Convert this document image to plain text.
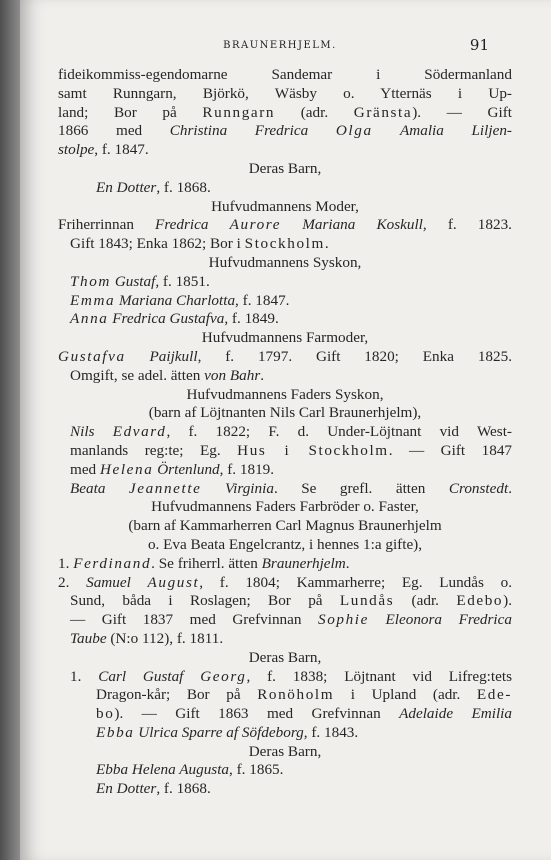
BRAUNERHJELM.	91
fideikommiss-egendomarne Sandemar i Södermanland
samt Runngarn, Björkö, Wäsby o. Ytternäs i Up-
land; Bor på Runngarn (adr. Gränsta). — Gift
1866 med Christina Fredrica Olga Amalia Liljen-
stolpe, f. 1847.
Deras Barn,
En Dotter, f. 1868.
Hufvudmannens Moder,
Friherrinnan Fredrica Aurore Mariana Koskull, f. 1823.
Gift 1843; Enka 1862; Bor i Stockholm.
Hufvudmannens Syskon,
Thom Gustaf, f. 1851.
Emma Mariana Charlotta, f. 1847.
Anna Fredrica Gustafva, f. 1849.
Hufvudmannens Farmoder,
Gustafva Paijkull, f. 1797. Gift 1820; Enka 1825.
Omgift, se adel. ätten von Bahr.
Hufvudmannens Faders Syskon,
(barn af Löjtnanten Nils Carl Braunerhjelm),
Nils Edvard, f. 1822; F. d. Under-Löjtnant vid West-
manlands reg:te; Eg. Hus i Stockholm. — Gift 1847
med Helena Örtenlund, f. 1819.
Beata Jeannette Virginia. Se grefl. ätten Cronstedt.
Hufvudmannens Faders Farbröder o. Faster,
(barn af Kammarherren Carl Magnus Braunerhjelm
o. Eva Beata Engelcrantz, i hennes 1:a gifte),
1. Ferdinand. Se friherrl. ätten Braunerhjelm.
2. Samuel August, f. 1804; Kammarherre; Eg. Lundås o.
Sund, båda i Roslagen; Bor på Lundås (adr. Edebo).
— Gift 1837 med Grefvinnan Sophie Eleonora Fredrica
Taube (N:o 112), f. 1811.
Deras Barn,
1. Carl Gustaf Georg, f. 1838; Löjtnant vid Lifreg:tets
Dragon-kår; Bor på Ronöholm i Upland (adr. Ede-
bo). — Gift 1863 med Grefvinnan Adelaide Emilia
Ebba Ulrica Sparre af Söfdeborg, f. 1843.
Deras Barn,
Ebba Helena Augusta, f. 1865.
En Dotter, f. 1868.
